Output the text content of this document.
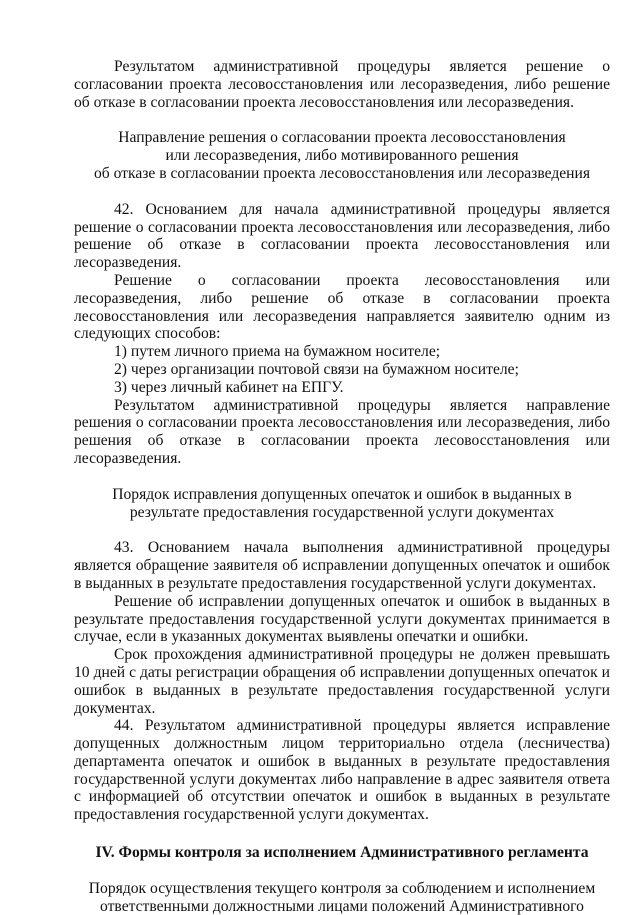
Результатом административной процедуры является решение о согласовании проекта лесовосстановления или лесоразведения, либо решение об отказе в согласовании проекта лесовосстановления или лесоразведения.

Направление решения о согласовании проекта лесовосстановления
или лесоразведения, либо мотивированного решения
об отказе в согласовании проекта лесовосстановления или лесоразведения

42. Основанием для начала административной процедуры является решение о согласовании проекта лесовосстановления или лесоразведения, либо решение об отказе в согласовании проекта лесовосстановления или лесоразведения.

Решение о согласовании проекта лесовосстановления или лесоразведения, либо решение об отказе в согласовании проекта лесовосстановления или лесоразведения направляется заявителю одним из следующих способов:

1) путем личного приема на бумажном носителе;

2) через организации почтовой связи на бумажном носителе;

3) через личный кабинет на ЕПГУ.

Результатом административной процедуры является направление решения о согласовании проекта лесовосстановления или лесоразведения, либо решения об отказе в согласовании проекта лесовосстановления или лесоразведения.

Порядок исправления допущенных опечаток и ошибок в выданных в
результате предоставления государственной услуги документах

43. Основанием начала выполнения административной процедуры является обращение заявителя об исправлении допущенных опечаток и ошибок в выданных в результате предоставления государственной услуги документах.

Решение об исправлении допущенных опечаток и ошибок в выданных в результате предоставления государственной услуги документах принимается в случае, если в указанных документах выявлены опечатки и ошибки.

Срок прохождения административной процедуры не должен превышать 10 дней с даты регистрации обращения об исправлении допущенных опечаток и ошибок в выданных в результате предоставления государственной услуги документах.

44. Результатом административной процедуры является исправление допущенных должностным лицом территориально отдела (лесничества) департамента опечаток и ошибок в выданных в результате предоставления государственной услуги документах либо направление в адрес заявителя ответа с информацией об отсутствии опечаток и ошибок в выданных в результате предоставления государственной услуги документах.

IV. Формы контроля за исполнением Административного регламента

Порядок осуществления текущего контроля за соблюдением и исполнением
ответственными должностными лицами положений Административного
